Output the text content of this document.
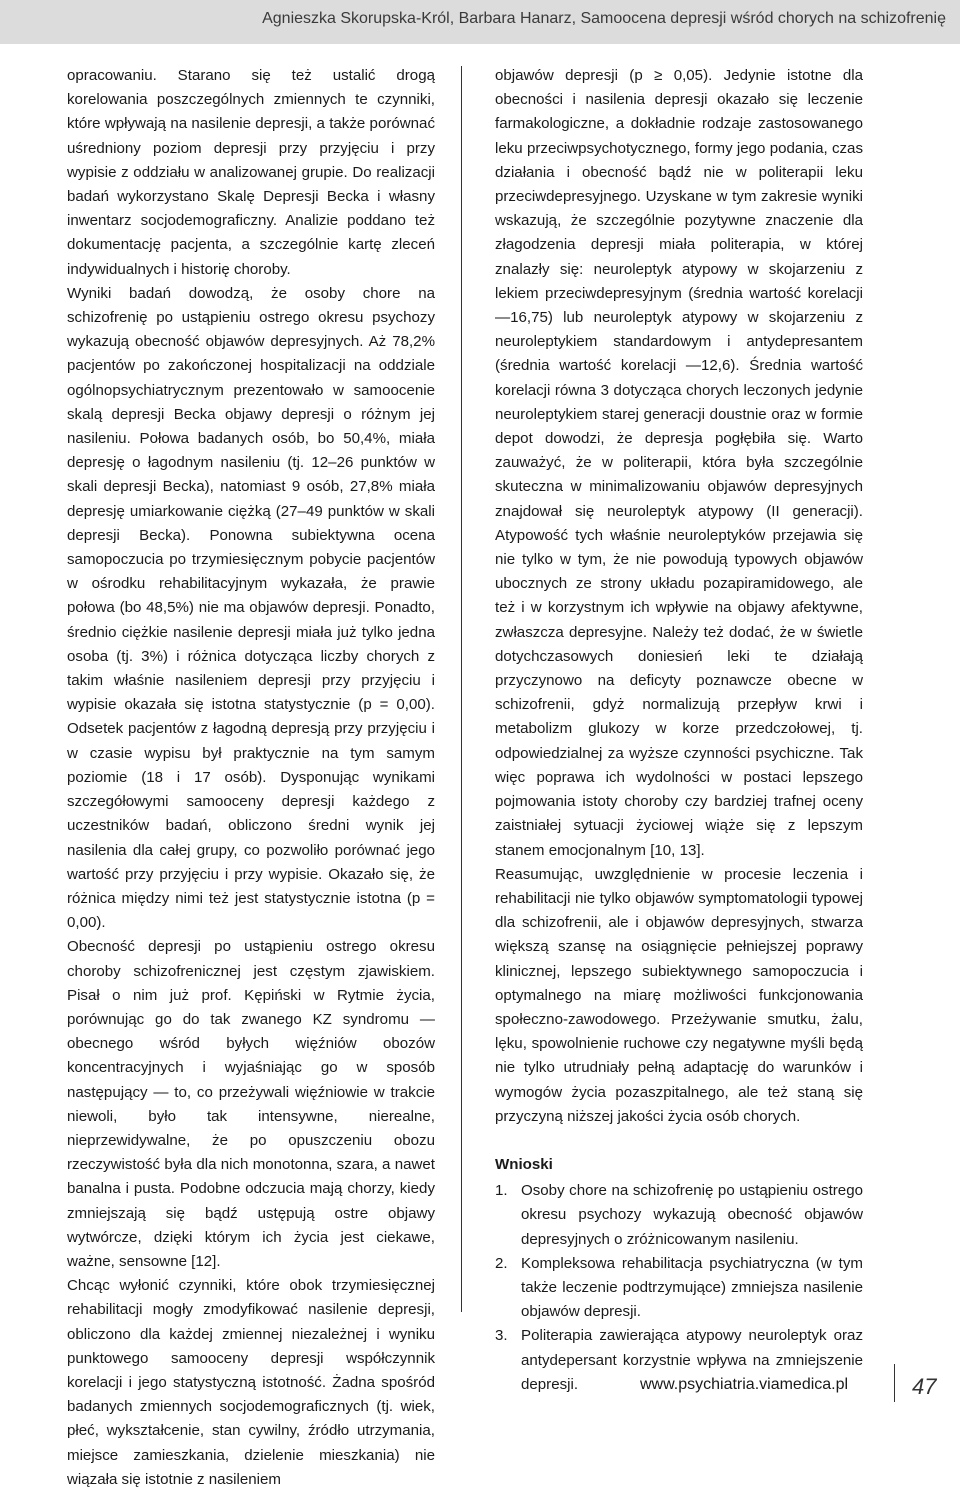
Agnieszka Skorupska-Król, Barbara Hanarz, Samoocena depresji wśród chorych na schizofrenię

opracowaniu. Starano się też ustalić drogą korelowania poszczególnych zmiennych te czynniki, które wpływają na nasilenie depresji, a także porównać uśredniony poziom depresji przy przyjęciu i przy wypisie z oddziału w analizowanej grupie. Do realizacji badań wykorzystano Skalę Depresji Becka i własny inwentarz socjodemograficzny. Analizie poddano też dokumentację pacjenta, a szczególnie kartę zleceń indywidualnych i historię choroby.

Wyniki badań dowodzą, że osoby chore na schizofrenię po ustąpieniu ostrego okresu psychozy wykazują obecność objawów depresyjnych. Aż 78,2% pacjentów po zakończonej hospitalizacji na oddziale ogólnopsychiatrycznym prezentowało w samoocenie skalą depresji Becka objawy depresji o różnym jej nasileniu. Połowa badanych osób, bo 50,4%, miała depresję o łagodnym nasileniu (tj. 12–26 punktów w skali depresji Becka), natomiast 9 osób, 27,8% miała depresję umiarkowanie ciężką (27–49 punktów w skali depresji Becka). Ponowna subiektywna ocena samopoczucia po trzymiesięcznym pobycie pacjentów w ośrodku rehabilitacyjnym wykazała, że prawie połowa (bo 48,5%) nie ma objawów depresji. Ponadto, średnio ciężkie nasilenie depresji miała już tylko jedna osoba (tj. 3%) i różnica dotycząca liczby chorych z takim właśnie nasileniem depresji przy przyjęciu i wypisie okazała się istotna statystycznie (p = 0,00). Odsetek pacjentów z łagodną depresją przy przyjęciu i w czasie wypisu był praktycznie na tym samym poziomie (18 i 17 osób). Dysponując wynikami szczegółowymi samooceny depresji każdego z uczestników badań, obliczono średni wynik jej nasilenia dla całej grupy, co pozwoliło porównać jego wartość przy przyjęciu i przy wypisie. Okazało się, że różnica między nimi też jest statystycznie istotna (p = 0,00).

Obecność depresji po ustąpieniu ostrego okresu choroby schizofrenicznej jest częstym zjawiskiem. Pisał o nim już prof. Kępiński w Rytmie życia, porównując go do tak zwanego KZ syndromu — obecnego wśród byłych więźniów obozów koncentracyjnych i wyjaśniając go w sposób następujący — to, co przeżywali więźniowie w trakcie niewoli, było tak intensywne, nierealne, nieprzewidywalne, że po opuszczeniu obozu rzeczywistość była dla nich monotonna, szara, a nawet banalna i pusta. Podobne odczucia mają chorzy, kiedy zmniejszają się bądź ustępują ostre objawy wytwórcze, dzięki którym ich życia jest ciekawe, ważne, sensowne [12].

Chcąc wyłonić czynniki, które obok trzymiesięcznej rehabilitacji mogły zmodyfikować nasilenie depresji, obliczono dla każdej zmiennej niezależnej i wyniku punktowego samooceny depresji współczynnik korelacji i jego statystyczną istotność. Żadna spośród badanych zmiennych socjodemograficznych (tj. wiek, płeć, wykształcenie, stan cywilny, źródło utrzymania, miejsce zamieszkania, dzielenie mieszkania) nie wiązała się istotnie z nasileniem

objawów depresji (p ≥ 0,05). Jedynie istotne dla obecności i nasilenia depresji okazało się leczenie farmakologiczne, a dokładnie rodzaje zastosowanego leku przeciwpsychotycznego, formy jego podania, czas działania i obecność bądź nie w politerapii leku przeciwdepresyjnego. Uzyskane w tym zakresie wyniki wskazują, że szczególnie pozytywne znaczenie dla złagodzenia depresji miała politerapia, w której znalazły się: neuroleptyk atypowy w skojarzeniu z lekiem przeciwdepresyjnym (średnia wartość korelacji —16,75) lub neuroleptyk atypowy w skojarzeniu z neuroleptykiem standardowym i antydepresantem (średnia wartość korelacji —12,6). Średnia wartość korelacji równa 3 dotycząca chorych leczonych jedynie neuroleptykiem starej generacji doustnie oraz w formie depot dowodzi, że depresja pogłębiła się. Warto zauważyć, że w politerapii, która była szczególnie skuteczna w minimalizowaniu objawów depresyjnych znajdował się neuroleptyk atypowy (II generacji). Atypowość tych właśnie neuroleptyków przejawia się nie tylko w tym, że nie powodują typowych objawów ubocznych ze strony układu pozapiramidowego, ale też i w korzystnym ich wpływie na objawy afektywne, zwłaszcza depresyjne. Należy też dodać, że w świetle dotychczasowych doniesień leki te działają przyczynowo na deficyty poznawcze obecne w schizofrenii, gdyż normalizują przepływ krwi i metabolizm glukozy w korze przedczołowej, tj. odpowiedzialnej za wyższe czynności psychiczne. Tak więc poprawa ich wydolności w postaci lepszego pojmowania istoty choroby czy bardziej trafnej oceny zaistniałej sytuacji życiowej wiąże się z lepszym stanem emocjonalnym [10, 13].

Reasumując, uwzględnienie w procesie leczenia i rehabilitacji nie tylko objawów symptomatologii typowej dla schizofrenii, ale i objawów depresyjnych, stwarza większą szansę na osiągnięcie pełniejszej poprawy klinicznej, lepszego subiektywnego samopoczucia i optymalnego na miarę możliwości funkcjonowania społeczno-zawodowego. Przeżywanie smutku, żalu, lęku, spowolnienie ruchowe czy negatywne myśli będą nie tylko utrudniały pełną adaptację do warunków i wymogów życia pozaszpitalnego, ale też staną się przyczyną niższej jakości życia osób chorych.

Wnioski

1. Osoby chore na schizofrenię po ustąpieniu ostrego okresu psychozy wykazują obecność objawów depresyjnych o zróżnicowanym nasileniu.
2. Kompleksowa rehabilitacja psychiatryczna (w tym także leczenie podtrzymujące) zmniejsza nasilenie objawów depresji.
3. Politerapia zawierająca atypowy neuroleptyk oraz antydepersant korzystnie wpływa na zmniejszenie depresji.	www.psychiatria.viamedica.pl	47
